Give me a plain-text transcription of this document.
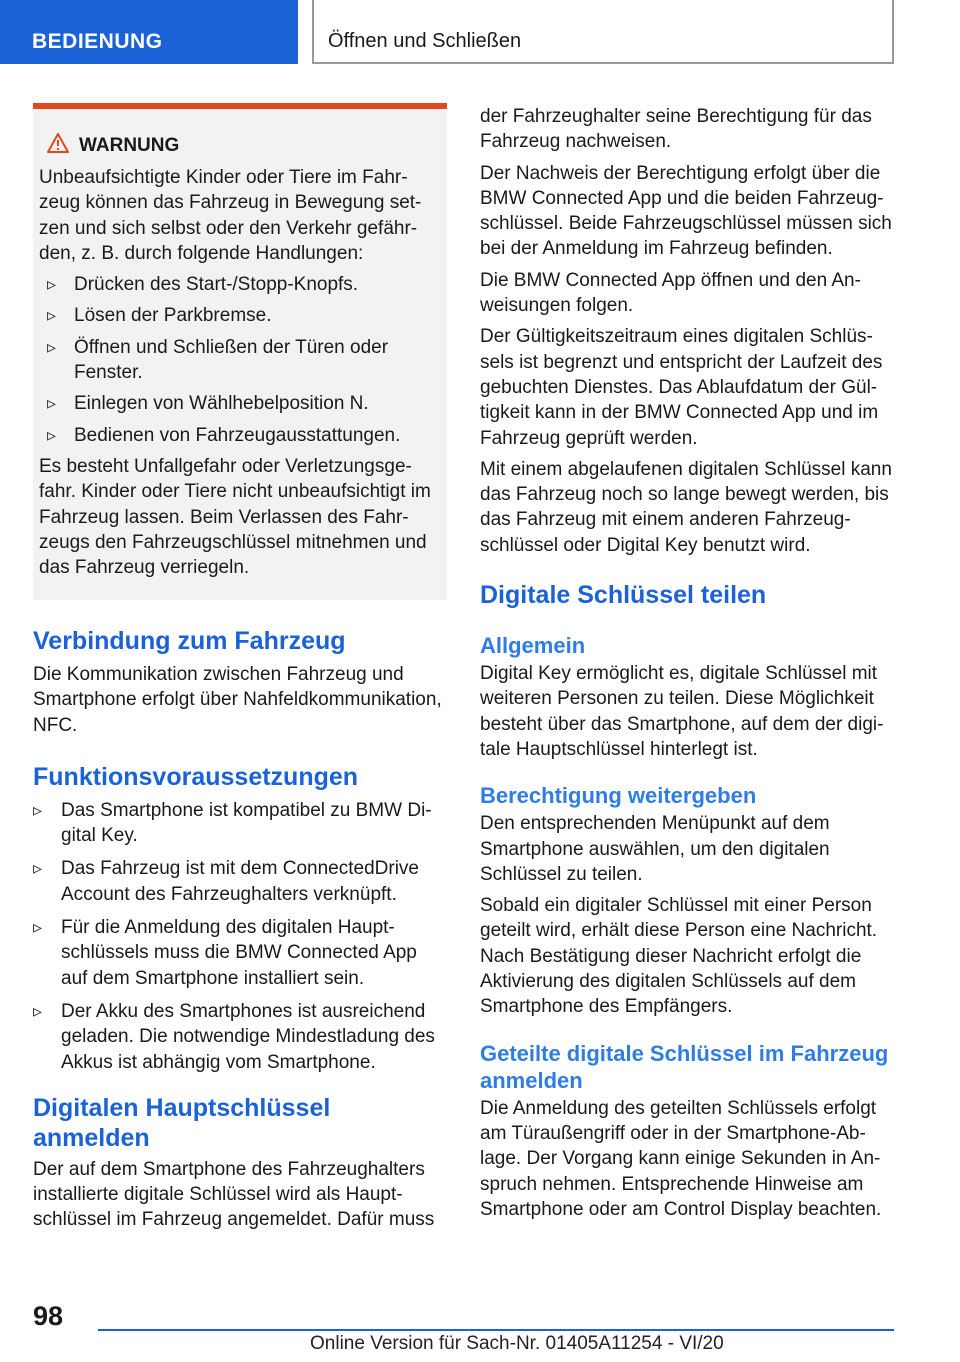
BEDIENUNG	Öffnen und Schließen
WARNUNG

Unbeaufsichtigte Kinder oder Tiere im Fahr-zeug können das Fahrzeug in Bewegung set-zen und sich selbst oder den Verkehr gefähr-den, z. B. durch folgende Handlungen:

▹ Drücken des Start-/Stopp-Knopfs.
▹ Lösen der Parkbremse.
▹ Öffnen und Schließen der Türen oder Fenster.
▹ Einlegen von Wählhebelposition N.
▹ Bedienen von Fahrzeugausstattungen.

Es besteht Unfallgefahr oder Verletzungsge-fahr. Kinder oder Tiere nicht unbeaufsichtigt im Fahrzeug lassen. Beim Verlassen des Fahr-zeugs den Fahrzeugschlüssel mitnehmen und das Fahrzeug verriegeln.

Verbindung zum Fahrzeug

Die Kommunikation zwischen Fahrzeug und Smartphone erfolgt über Nahfeldkommunikation, NFC.

Funktionsvoraussetzungen
▹ Das Smartphone ist kompatibel zu BMW Di-gital Key.
▹ Das Fahrzeug ist mit dem ConnectedDrive Account des Fahrzeughalters verknüpft.
▹ Für die Anmeldung des digitalen Haupt-schlüssels muss die BMW Connected App auf dem Smartphone installiert sein.
▹ Der Akku des Smartphones ist ausreichend geladen. Die notwendige Mindestladung des Akkus ist abhängig vom Smartphone.
Digitalen Hauptschlüssel anmelden

Der auf dem Smartphone des Fahrzeughalters installierte digitale Schlüssel wird als Haupt-schlüssel im Fahrzeug angemeldet. Dafür muss

der Fahrzeughalter seine Berechtigung für das Fahrzeug nachweisen.

Der Nachweis der Berechtigung erfolgt über die BMW Connected App und die beiden Fahrzeug-schlüssel. Beide Fahrzeugschlüssel müssen sich bei der Anmeldung im Fahrzeug befinden.

Die BMW Connected App öffnen und den An-weisungen folgen.

Der Gültigkeitszeitraum eines digitalen Schlüs-sels ist begrenzt und entspricht der Laufzeit des gebuchten Dienstes. Das Ablaufdatum der Gül-tigkeit kann in der BMW Connected App und im Fahrzeug geprüft werden.

Mit einem abgelaufenen digitalen Schlüssel kann das Fahrzeug noch so lange bewegt werden, bis das Fahrzeug mit einem anderen Fahrzeug-schlüssel oder Digital Key benutzt wird.

Digitale Schlüssel teilen
Allgemein

Digital Key ermöglicht es, digitale Schlüssel mit weiteren Personen zu teilen. Diese Möglichkeit besteht über das Smartphone, auf dem der digi-tale Hauptschlüssel hinterlegt ist.

Berechtigung weitergeben

Den entsprechenden Menüpunkt auf dem Smartphone auswählen, um den digitalen Schlüssel zu teilen.

Sobald ein digitaler Schlüssel mit einer Person geteilt wird, erhält diese Person eine Nachricht. Nach Bestätigung dieser Nachricht erfolgt die Aktivierung des digitalen Schlüssels auf dem Smartphone des Empfängers.

Geteilte digitale Schlüssel im Fahrzeug anmelden

Die Anmeldung des geteilten Schlüssels erfolgt am Türaußengriff oder in der Smartphone-Ab-lage. Der Vorgang kann einige Sekunden in An-spruch nehmen. Entsprechende Hinweise am Smartphone oder am Control Display beachten.

98
Online Version für Sach-Nr. 01405A11254 - VI/20
